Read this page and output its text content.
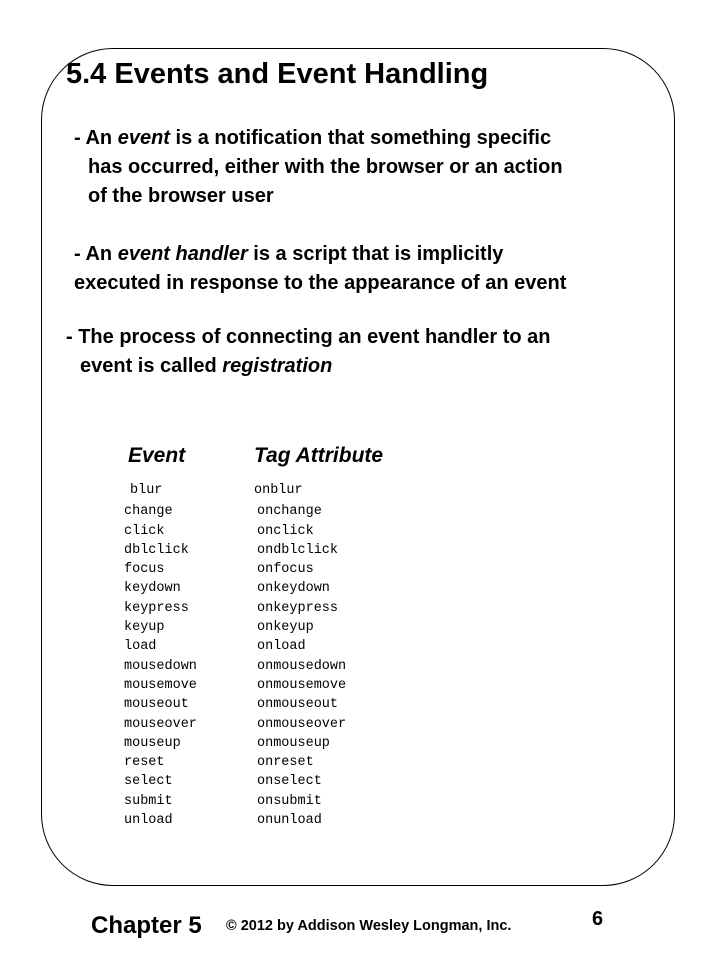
5.4 Events and Event Handling
- An event is a notification that something specific
has occurred, either with the browser or an action
of the browser user
- An event handler is a script that is implicitly
executed in response to the appearance of an event
- The process of connecting an event handler to an
event is called registration
Event	Tag Attribute
blur	onblur
change	onchange
click	onclick
dblclick	ondblclick
focus	onfocus
keydown	onkeydown
keypress	onkeypress
keyup	onkeyup
load	onload
mousedown	onmousedown
mousemove	onmousemove
mouseout	onmouseout
mouseover	onmouseover
mouseup	onmouseup
reset	onreset
select	onselect
submit	onsubmit
unload	onunload
Chapter 5 © 2012 by Addison Wesley Longman, Inc.	6
